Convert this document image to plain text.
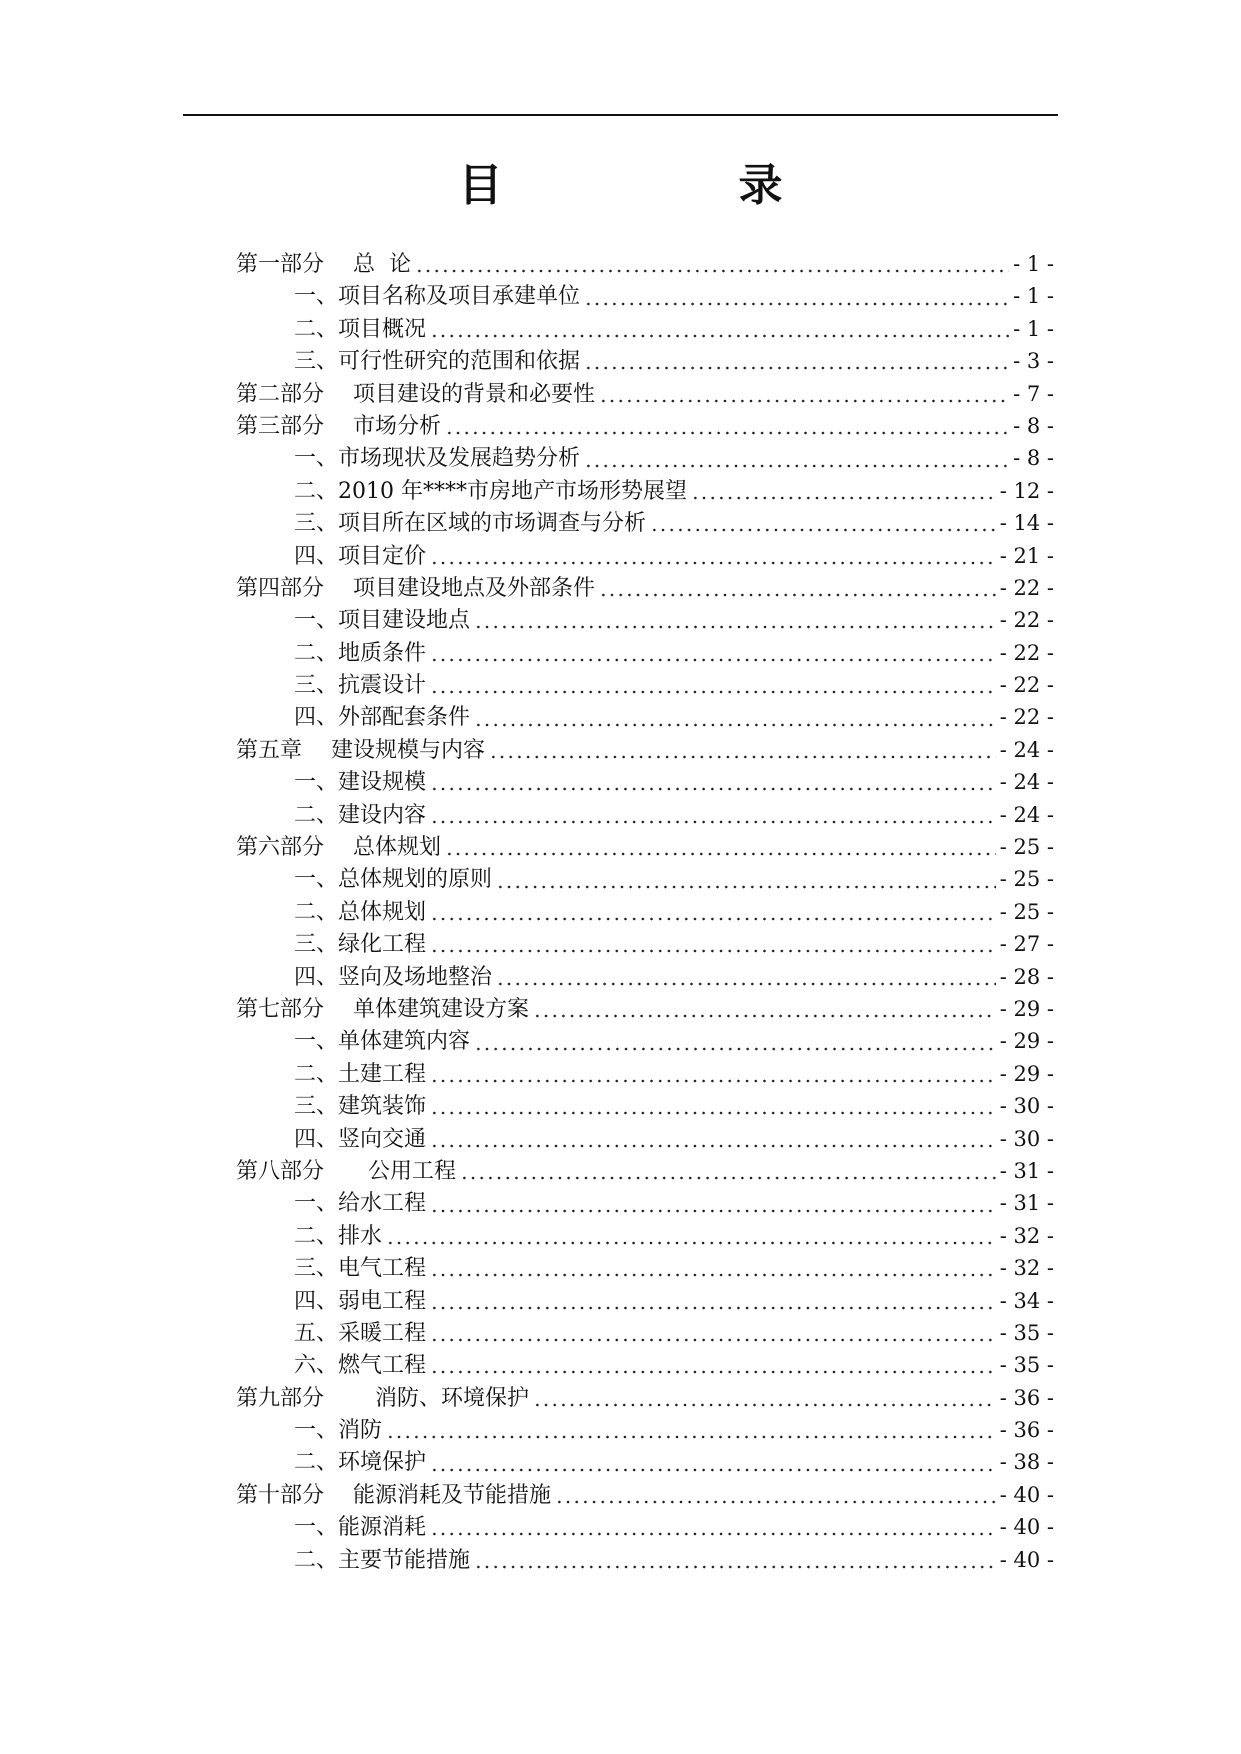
目　录
第一部分　 总  论	- 1 -
一、项目名称及项目承建单位	- 1 -
二、项目概况	- 1 -
三、可行性研究的范围和依据	- 3 -
第二部分　 项目建设的背景和必要性	- 7 -
第三部分　 市场分析	- 8 -
一、市场现状及发展趋势分析	- 8 -
二、2010 年****市房地产市场形势展望	- 12 -
三、项目所在区域的市场调查与分析	- 14 -
四、项目定价	- 21 -
第四部分　 项目建设地点及外部条件	- 22 -
一、项目建设地点	- 22 -
二、地质条件	- 22 -
三、抗震设计	- 22 -
四、外部配套条件	- 22 -
第五章　 建设规模与内容	- 24 -
一、建设规模	- 24 -
二、建设内容	- 24 -
第六部分　 总体规划	- 25 -
一、总体规划的原则	- 25 -
二、总体规划	- 25 -
三、绿化工程	- 27 -
四、竖向及场地整治	- 28 -
第七部分　 单体建筑建设方案	- 29 -
一、单体建筑内容	- 29 -
二、土建工程	- 29 -
三、建筑装饰	- 30 -
四、竖向交通	- 30 -
第八部分　　公用工程	- 31 -
一、给水工程	- 31 -
二、排水	- 32 -
三、电气工程	- 32 -
四、弱电工程	- 34 -
五、采暖工程	- 35 -
六、燃气工程	- 35 -
第九部分　　 消防、环境保护	- 36 -
一、消防	- 36 -
二、环境保护	- 38 -
第十部分　 能源消耗及节能措施	- 40 -
一、能源消耗	- 40 -
二、主要节能措施	- 40 -
